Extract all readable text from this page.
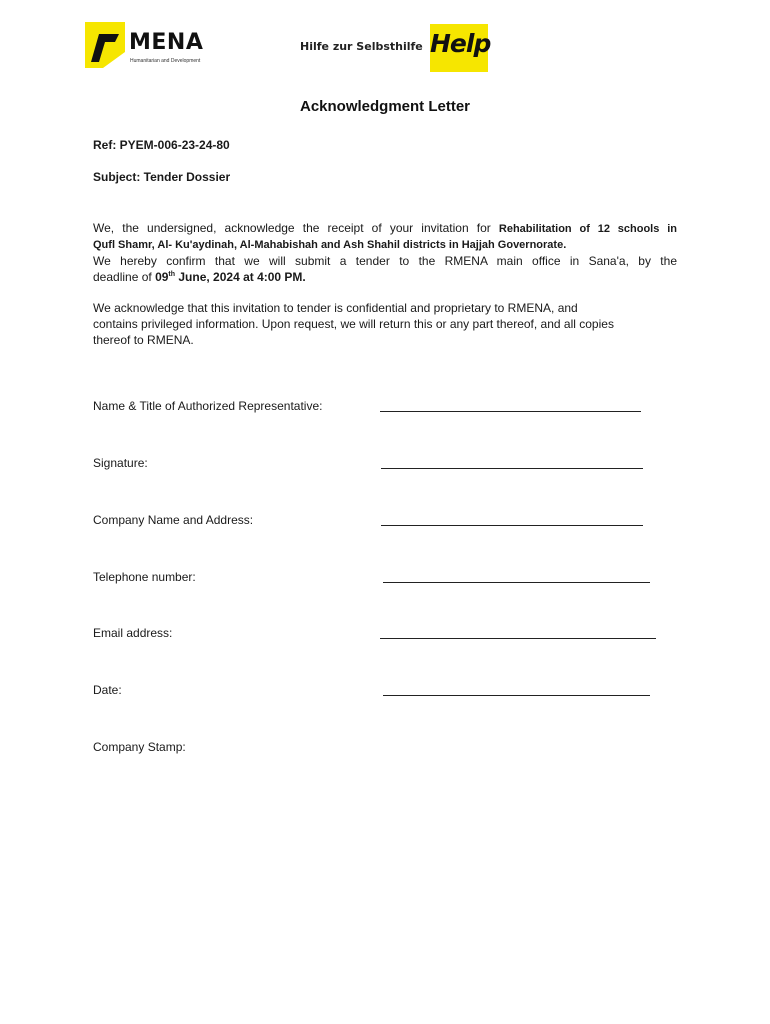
MENA
Humanitarian and Development
Hilfe zur Selbsthilfe Help
Acknowledgment Letter
Ref: PYEM-006-23-24-80
Subject: Tender Dossier
We, the undersigned, acknowledge the receipt of your invitation for Rehabilitation of 12 schools in
Qufl Shamr, Al- Ku'aydinah, Al-Mahabishah and Ash Shahil districts in Hajjah Governorate.
We hereby confirm that we will submit a tender to the RMENA main office in Sana'a, by the
deadline of 09th June, 2024 at 4:00 PM.
We acknowledge that this invitation to tender is confidential and proprietary to RMENA, and
contains privileged information. Upon request, we will return this or any part thereof, and all copies
thereof to RMENA.
Name & Title of Authorized Representative:
Signature:
Company Name and Address:
Telephone number:
Email address:
Date:
Company Stamp:
